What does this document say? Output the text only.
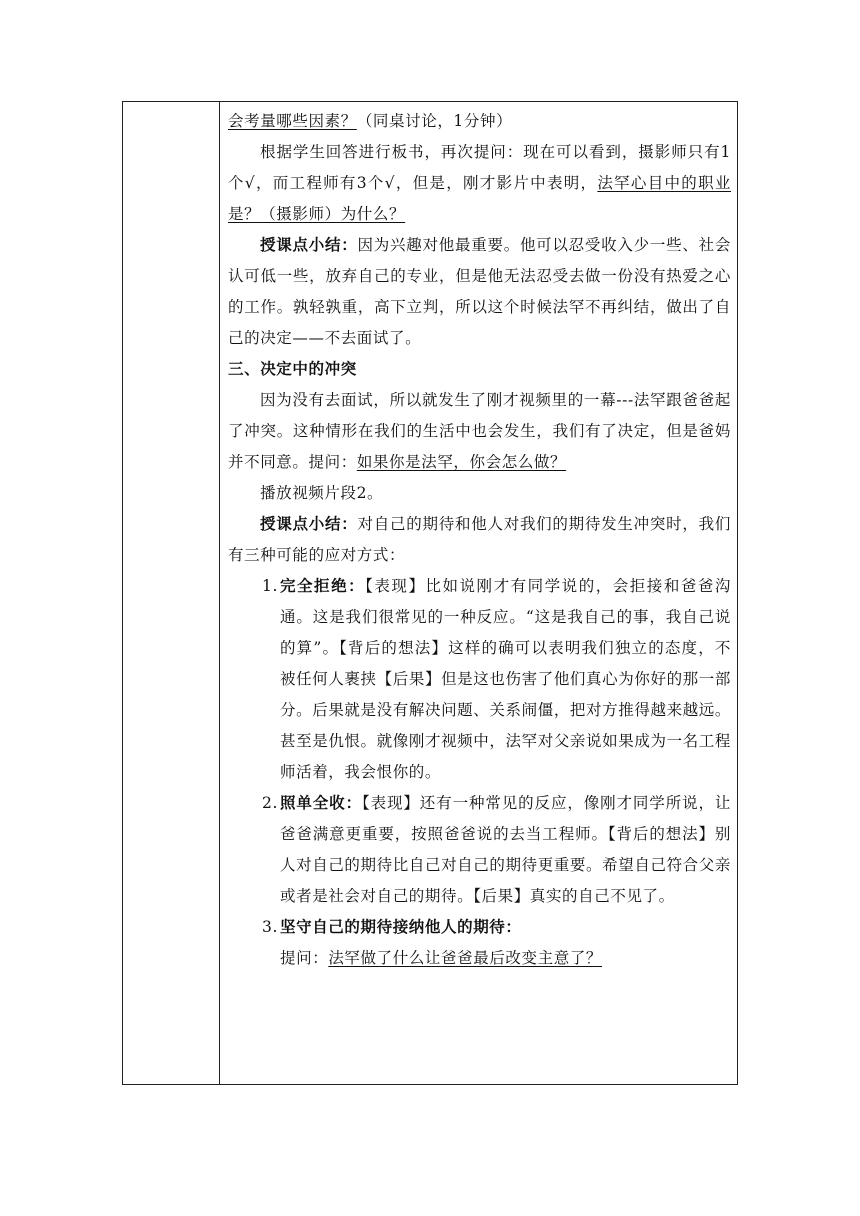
会考量哪些因素？（同桌讨论，1分钟）

根据学生回答进行板书，再次提问：现在可以看到，摄影师只有1个√，而工程师有3个√，但是，刚才影片中表明，法罕心目中的职业是？（摄影师）为什么？

授课点小结：因为兴趣对他最重要。他可以忍受收入少一些、社会认可低一些，放弃自己的专业，但是他无法忍受去做一份没有热爱之心的工作。孰轻孰重，高下立判，所以这个时候法罕不再纠结，做出了自己的决定——不去面试了。

三、决定中的冲突

因为没有去面试，所以就发生了刚才视频里的一幕---法罕跟爸爸起了冲突。这种情形在我们的生活中也会发生，我们有了决定，但是爸妈并不同意。提问：如果你是法罕，你会怎么做？

播放视频片段2。

授课点小结：对自己的期待和他人对我们的期待发生冲突时，我们有三种可能的应对方式：

1. 完全拒绝：【表现】比如说刚才有同学说的，会拒接和爸爸沟通。这是我们很常见的一种反应。“这是我自己的事，我自己说的算”。【背后的想法】这样的确可以表明我们独立的态度，不被任何人裹挟【后果】但是这也伤害了他们真心为你好的那一部分。后果就是没有解决问题、关系闹僵，把对方推得越来越远。甚至是仇恨。就像刚才视频中，法罕对父亲说如果成为一名工程师活着，我会恨你的。

2. 照单全收：【表现】还有一种常见的反应，像刚才同学所说，让爸爸满意更重要，按照爸爸说的去当工程师。【背后的想法】别人对自己的期待比自己对自己的期待更重要。希望自己符合父亲或者是社会对自己的期待。【后果】真实的自己不见了。

3. 坚守自己的期待接纳他人的期待：

提问：法罕做了什么让爸爸最后改变主意了？
